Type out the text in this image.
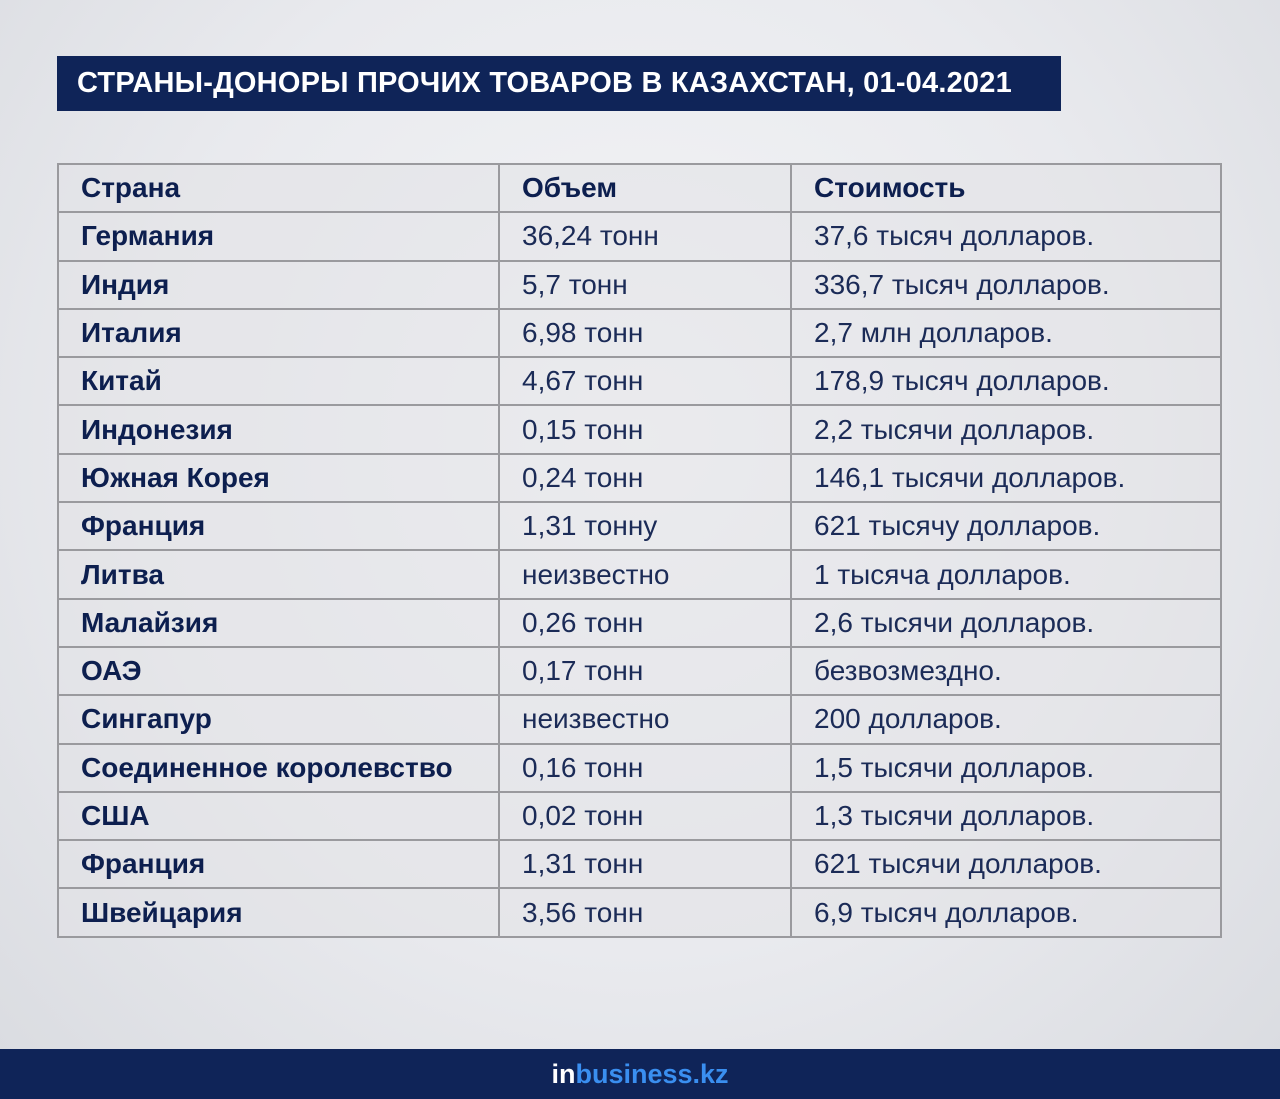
СТРАНЫ-ДОНОРЫ ПРОЧИХ ТОВАРОВ В КАЗАХСТАН, 01-04.2021
Страна	Объем	Стоимость
Германия	36,24 тонн	37,6 тысяч долларов.
Индия	5,7 тонн	336,7 тысяч долларов.
Италия	6,98 тонн	2,7 млн долларов.
Китай	4,67 тонн	178,9 тысяч долларов.
Индонезия	0,15 тонн	2,2 тысячи долларов.
Южная Корея	0,24 тонн	146,1 тысячи долларов.
Франция	1,31 тонну	621 тысячу долларов.
Литва	неизвестно	1 тысяча долларов.
Малайзия	0,26 тонн	2,6 тысячи долларов.
ОАЭ	0,17 тонн	безвозмездно.
Сингапур	неизвестно	200 долларов.
Соединенное королевство	0,16 тонн	1,5 тысячи долларов.
США	0,02 тонн	1,3 тысячи долларов.
Франция	1,31 тонн	621 тысячи долларов.
Швейцария	3,56 тонн	6,9 тысяч долларов.
inbusiness.kz
